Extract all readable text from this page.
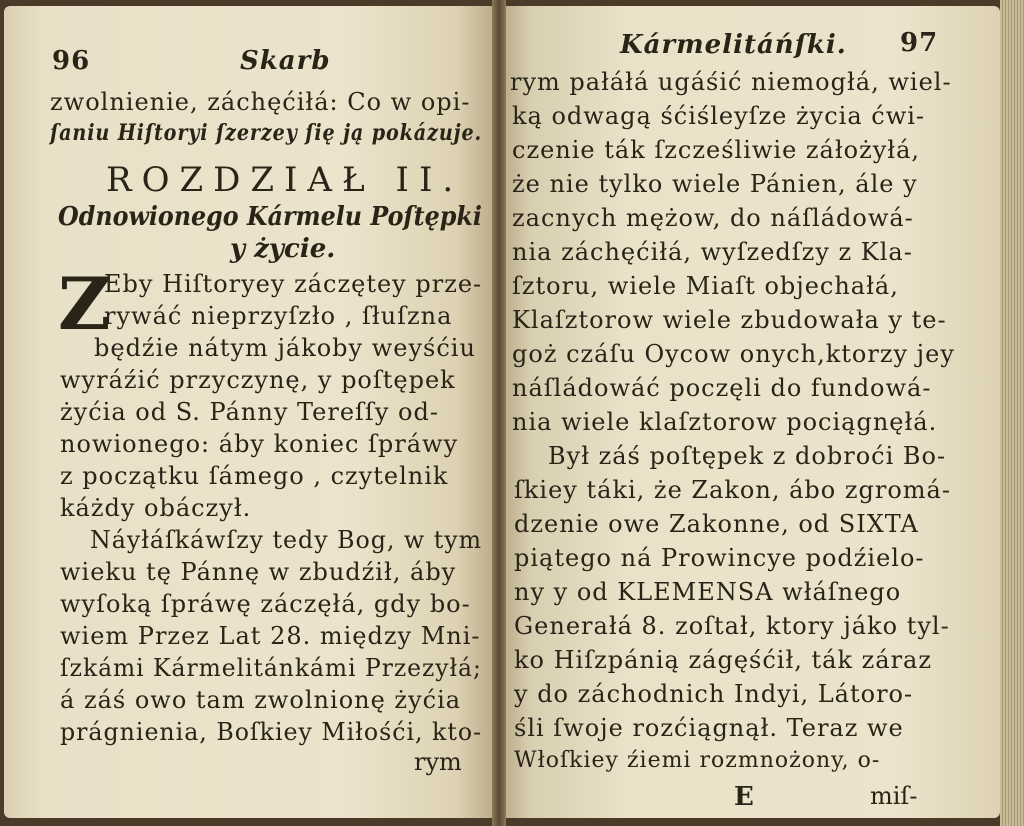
96	Skarb
zwolnienie, záchęćiłá: Co w opi-
ſaniu Hiſtoryi ſzerzey ſię ją pokázuje.
ROZDZIAŁ II.
Odnowionego Kármelu Poſtępki
y życie.
Z
Eby Hiſtoryey záczętey prze-
rywáć nieprzyſzło , ſłuſzna
będźie nátym jákoby weyśćiu
wyráźić przyczynę, y poſtępek
żyćia od S. Pánny Tereſſy od-
nowionego: áby koniec ſpráwy
z początku ſámego , czytelnik
káżdy obáczył.
Náyłáſkáwſzy tedy Bog, w tym
wieku tę Pánnę w zbudźił, áby
wyſoką ſpráwę záczęłá, gdy bo-
wiem Przez Lat 28. między Mni-
ſzkámi Kármelitánkámi Przezyłá;
á záś owo tam zwolnionę żyćia
prágnienia, Boſkiey Miłośći, kto-
rym
Kármelitáńſki. 97
rym pałáłá ugáśić niemogłá, wiel-
ką odwagą śćiśleyſze życia ćwi-
czenie ták ſzcześliwie záłożyłá,
że nie tylko wiele Pánien, ále y
zacnych mężow, do náſládowá-
nia záchęćiłá, wyſzedſzy z Kla-
ſztoru, wiele Miaſt objechałá,
Klaſztorow wiele zbudowała y te-
goż czáſu Oycow onych,ktorzy jey
náſládowáć poczęli do fundowá-
nia wiele klaſztorow pociągnęłá.
Był záś poſtępek z dobroći Bo-
ſkiey táki, że Zakon, ábo zgromá-
dzenie owe Zakonne, od SIXTA
piątego ná Prowincye podźielo-
ny y od KLEMENSA włáſnego
Generałá 8. zoſtał, ktory jáko tyl-
ko Hiſzpánią zágęśćił, ták záraz
y do záchodnich Indyi, Látoro-
śli ſwoje rozćiągnął. Teraz we
Włoſkiey źiemi rozmnożony, o-
E	miſ-
